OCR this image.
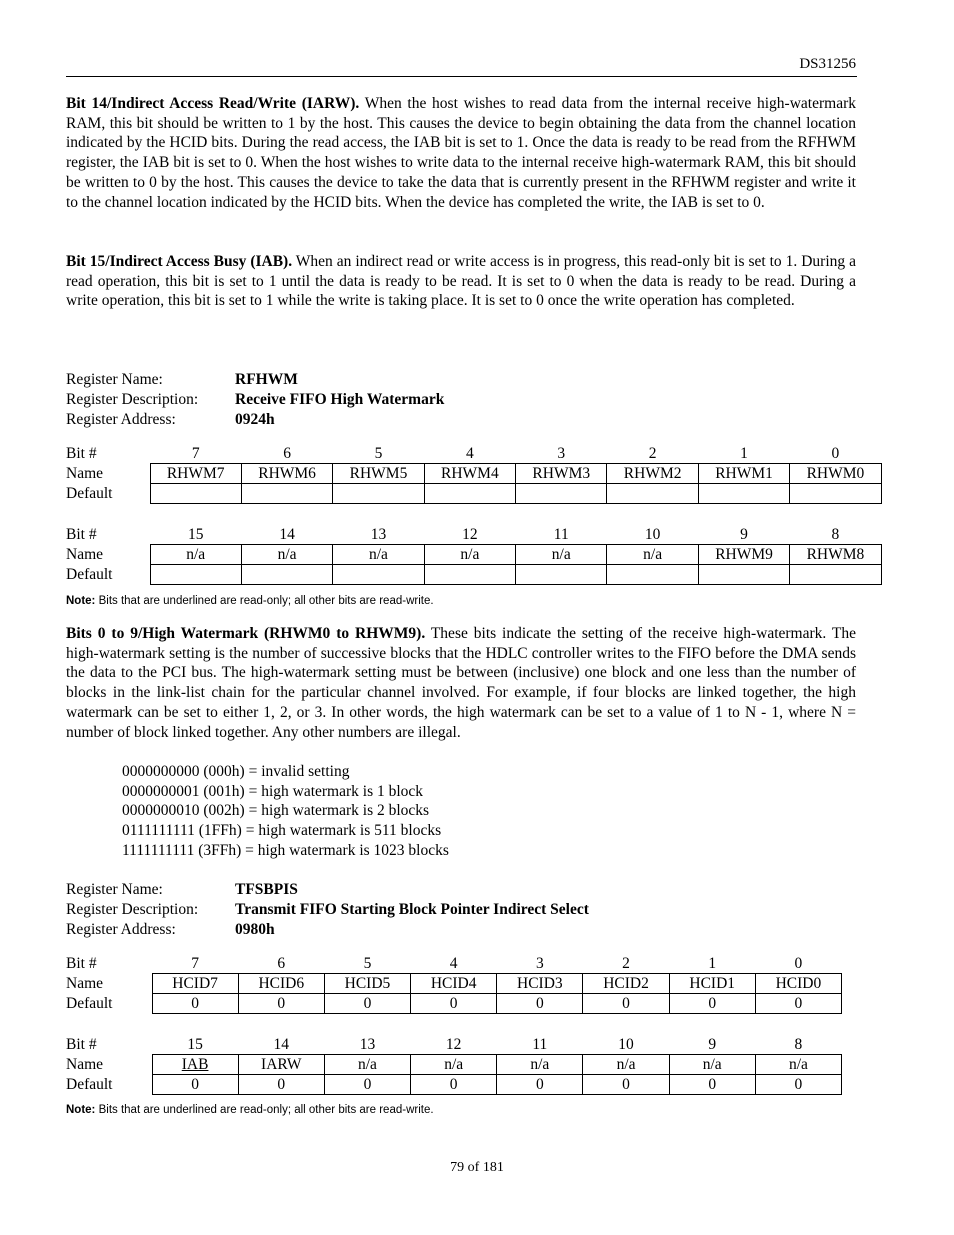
DS31256

Bit 14/Indirect Access Read/Write (IARW). When the host wishes to read data from the internal receive high-watermark RAM, this bit should be written to 1 by the host. This causes the device to begin obtaining the data from the channel location indicated by the HCID bits. During the read access, the IAB bit is set to 1. Once the data is ready to be read from the RFHWM register, the IAB bit is set to 0. When the host wishes to write data to the internal receive high-watermark RAM, this bit should be written to 0 by the host. This causes the device to take the data that is currently present in the RFHWM register and write it to the channel location indicated by the HCID bits. When the device has completed the write, the IAB is set to 0.

Bit 15/Indirect Access Busy (IAB). When an indirect read or write access is in progress, this read-only bit is set to 1. During a read operation, this bit is set to 1 until the data is ready to be read. It is set to 0 when the data is ready to be read. During a write operation, this bit is set to 1 while the write is taking place. It is set to 0 once the write operation has completed.

Register Name:	RFHWM
Register Description: Receive FIFO High Watermark
Register Address:	0924h
Bit #	7	6	5	4	3	2	1	0
Name	RHWM7	RHWM6	RHWM5	RHWM4	RHWM3	RHWM2	RHWM1	RHWM0
Default								
Bit #	15	14	13	12	11	10	9	8
Name	n/a	n/a	n/a	n/a	n/a	n/a	RHWM9	RHWM8
Default								
Note: Bits that are underlined are read-only; all other bits are read-write.

Bits 0 to 9/High Watermark (RHWM0 to RHWM9). These bits indicate the setting of the receive high-watermark. The high-watermark setting is the number of successive blocks that the HDLC controller writes to the FIFO before the DMA sends the data to the PCI bus. The high-watermark setting must be between (inclusive) one block and one less than the number of blocks in the link-list chain for the particular channel involved. For example, if four blocks are linked together, the high watermark can be set to either 1, 2, or 3. In other words, the high watermark can be set to a value of 1 to N - 1, where N = number of block linked together. Any other numbers are illegal.

0000000000 (000h) = invalid setting
0000000001 (001h) = high watermark is 1 block
0000000010 (002h) = high watermark is 2 blocks
0111111111 (1FFh) = high watermark is 511 blocks
1111111111 (3FFh) = high watermark is 1023 blocks
Register Name:	TFSBPIS
Register Description: Transmit FIFO Starting Block Pointer Indirect Select
Register Address:	0980h
Bit #	7	6	5	4	3	2	1	0
Name	HCID7	HCID6	HCID5	HCID4	HCID3	HCID2	HCID1	HCID0
Default	0	0	0	0	0	0	0	0
Bit #	15	14	13	12	11	10	9	8
Name	IAB	IARW	n/a	n/a	n/a	n/a	n/a	n/a
Default	0	0	0	0	0	0	0	0
Note: Bits that are underlined are read-only; all other bits are read-write.
79 of 181
